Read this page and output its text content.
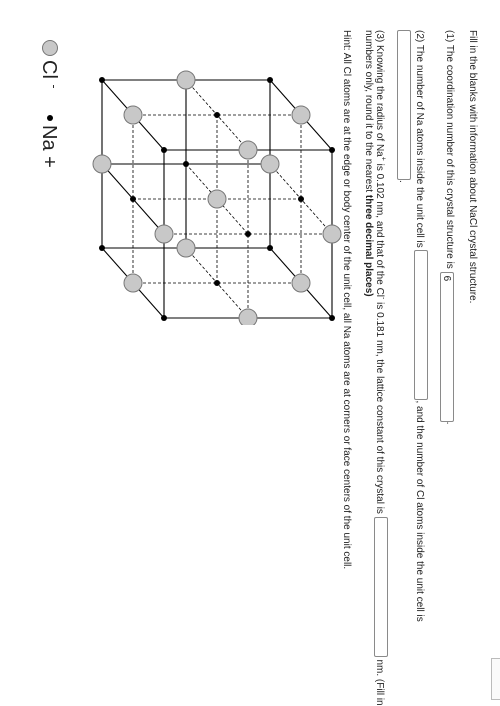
Fill in the blanks with information about NaCl crystal structure.
(1) The coordination number of this crystal structure is 6.
(2) The number of Na atoms inside the unit cell is , and the number of Cl atoms inside the unit cell is
.
(3) Knowing the radius of Na+ is 0.102 nm, and that of the Cl- is 0.181 nm, the lattice constant of this crystal is  nm. (Fill in
numbers only, round it to the nearest three decimal places)
Hint: All Cl atoms are at the edge or body center of the unit cell, all Na atoms are at corners or face centers of the unit cell.
Cl -
Na +
